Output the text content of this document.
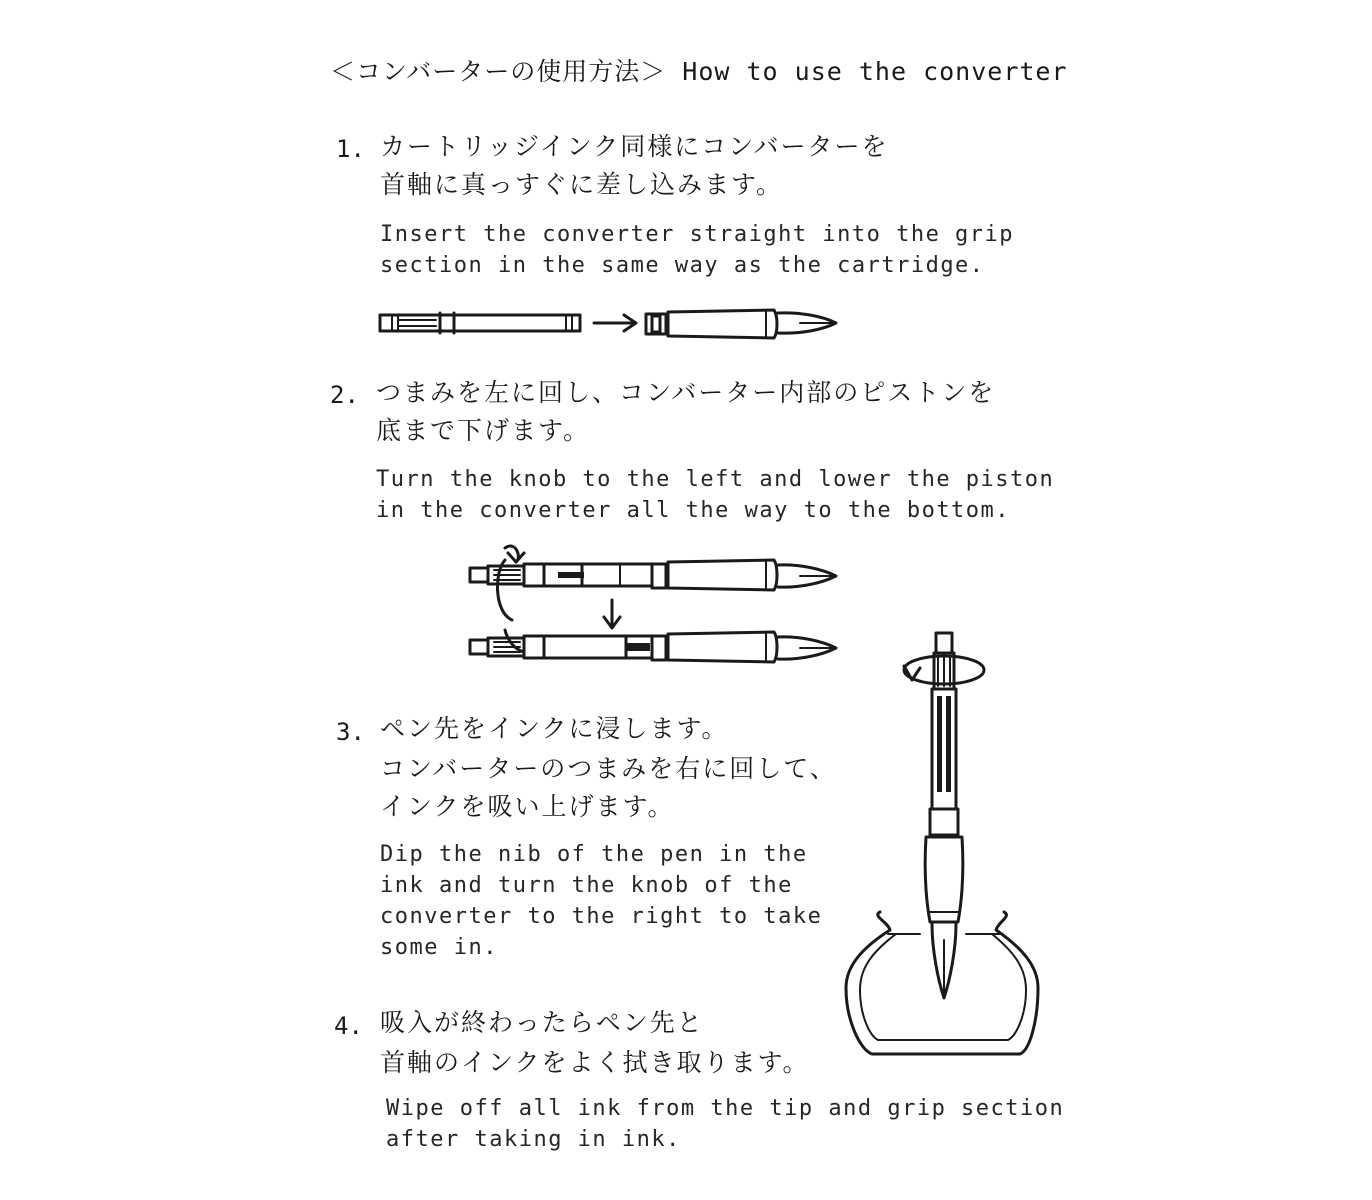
＜コンバーターの使用方法＞ How to use the converter
1. カートリッジインク同様にコンバーターを
首軸に真っすぐに差し込みます。
Insert the converter straight into the grip
section in the same way as the cartridge.
2. つまみを左に回し、コンバーター内部のピストンを
底まで下げます。
Turn the knob to the left and lower the piston
in the converter all the way to the bottom.
3. ペン先をインクに浸します。
コンバーターのつまみを右に回して、
インクを吸い上げます。
Dip the nib of the pen in the
ink and turn the knob of the
converter to the right to take
some in.
4. 吸入が終わったらペン先と
首軸のインクをよく拭き取ります。
Wipe off all ink from the tip and grip section
after taking in ink.
